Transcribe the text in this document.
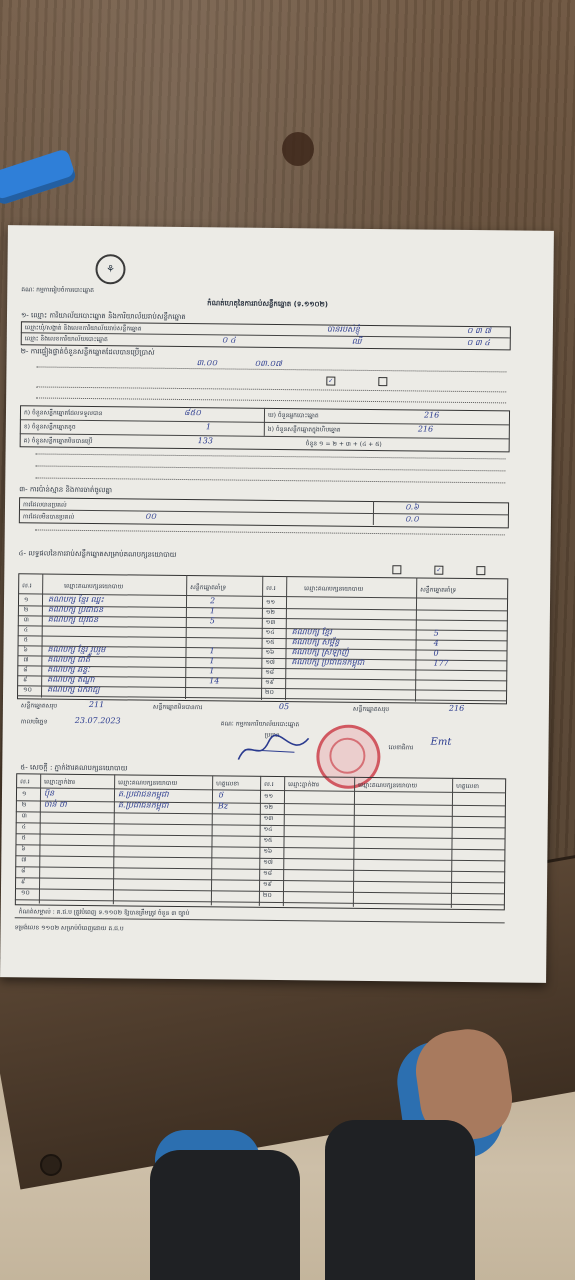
⚘
គណៈ កម្មការរៀបចំការបោះឆ្នោត
កំណត់ហេតុនៃការរាប់សន្លឹកឆ្នោត (ទ.១១០២)
១- ឈ្មោះ ការិយាល័យបោះឆ្នោត និងការិយាល័យរាប់សន្លឹកឆ្នោត
ឈ្មោះឃុំ/សង្កាត់ និងលេខការិយាល័យរាប់សន្លឹកឆ្នោត	បានរបស់ខ្ញុំ	០ ៣ ៧
ឈ្មោះ និងលេខការិយាល័យបោះឆ្នោត	០ ៤	ឈឺ	០ ៣ ៤
២- ការផ្ទៀងផ្ទាត់ចំនួនសន្លឹកឆ្នោតដែលបានប្រើប្រាស់
៣.០០	០៣.០៧
✓
ក) ចំនួនសន្លឹកឆ្នោតដែលទទួលបាន	៨៥០
ខ) ចំនួនសន្លឹកឆ្នោតខូច	1
គ) ចំនួនសន្លឹកឆ្នោតមិនបានប្រើ	133
ឃ) ចំនួនអ្នកបោះឆ្នោត	216
ង) ចំនួនសន្លឹកឆ្នោតក្នុងហិបឆ្នោត	216
ចំនួន ១ = ២ + ៣ + (៤ + ៥)
៣- ការប៉ាន់ស្មាន និងការចាត់ចូលគ្នា
ការដែលបានប្រគល់	០.៦
ការដែលមិនបានប្រគល់	០០	០.០
៤- លទ្ធផលនៃការរាប់សន្លឹកឆ្នោតសម្រាប់គណបក្សនយោបាយ
✓
ល.រ	ឈ្មោះគណបក្សនយោបាយ	សន្លឹកឆ្នោតគាំទ្រ	ល.រ	ឈ្មោះគណបក្សនយោបាយ	សន្លឹកឆ្នោតគាំទ្រ
១ គណបក្ស ខ្មែរ ឈ្នះ	2
២ គណបក្ស ប្រជាជន	1
៣ គណបក្ស យុវជន	5
៤
៥
៦ គណបក្ស ខ្មែរ រួបរួម	1
៧ គណបក្ស ជាតិ	1
៨ គណបក្ស ឆន្ទៈ	1
៩ គណបក្ស ឥណ្ឌា	14
១០ គណបក្ស ឯករាជ្យ
១១
១២
១៣
១៤ គណបក្ស ខ្មែរ	5
១៥ គណបក្ស សម្ព័ន្ធ	4
១៦ គណបក្ស ស្រឡាញ់	0
១៧ គណបក្ស ប្រជាជនកម្ពុជា	177
១៨
១៩
២០
សន្លឹកឆ្នោតសរុប	211	សន្លឹកឆ្នោតមិនបានការ	05	សន្លឹកឆ្នោតសរុប	216
កាលបរិច្ឆេទ	23.07.2023	គណៈ កម្មការការិយាល័យបោះឆ្នោត
ប្រធាន
លេខាធិការ Emt
៥- សេចក្ដី : ភ្នាក់ងារគណបក្សនយោបាយ
ល.រ ឈ្មោះភ្នាក់ងារ	ឈ្មោះគណបក្សនយោបាយ	ហត្ថលេខា	ល.រ ឈ្មោះភ្នាក់ងារ	ឈ្មោះគណបក្សនយោបាយ	ហត្ថលេខា
១ ប៊ុន	គ.ប្រជាជនកម្ពុជា	ថ	១១
២ ចាន់ ថា	គ.ប្រជាជនកម្ពុជា	Bz	១២
៣	១៣
៤	១៤
៥	១៥
៦	១៦
៧	១៧
៨	១៨
៩	១៩
១០	២០
កំណត់សម្គាល់ : គ.ជ.ប ត្រូវបំពេញ ទ.១១០២ ឱ្យបានត្រឹមត្រូវ ចំនួន ៣ ច្បាប់
ទម្រង់លេខ ១១០២ សម្រាប់បំពេញដោយ គ.ជ.ប
